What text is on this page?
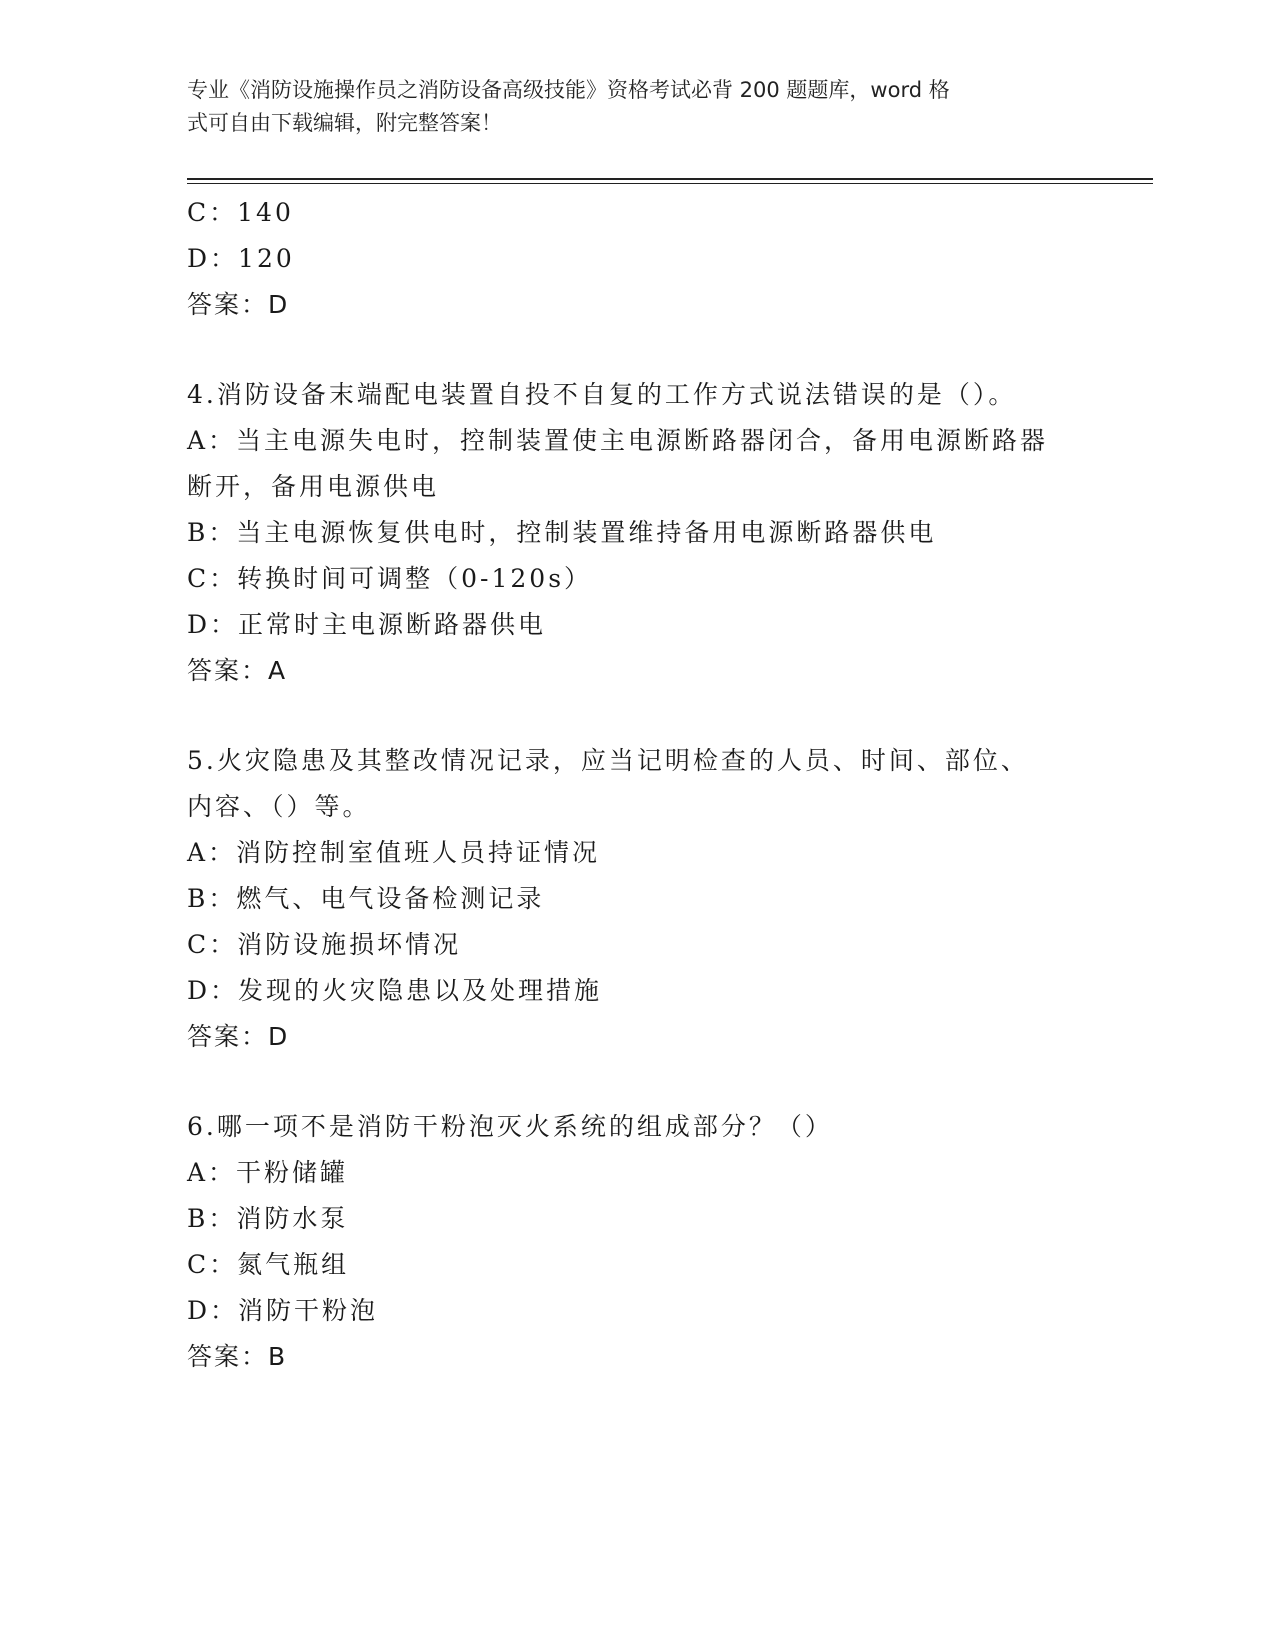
专业《消防设施操作员之消防设备高级技能》资格考试必背 200 题题库，word 格
式可自由下载编辑，附完整答案！
C：140
D：120
答案：D
4.消防设备末端配电装置自投不自复的工作方式说法错误的是（）。
A：当主电源失电时，控制装置使主电源断路器闭合，备用电源断路器
断开，备用电源供电
B：当主电源恢复供电时，控制装置维持备用电源断路器供电
C：转换时间可调整（0-120s）
D：正常时主电源断路器供电
答案：A
5.火灾隐患及其整改情况记录，应当记明检查的人员、时间、部位、
内容、（）等。
A：消防控制室值班人员持证情况
B：燃气、电气设备检测记录
C：消防设施损坏情况
D：发现的火灾隐患以及处理措施
答案：D
6.哪一项不是消防干粉泡灭火系统的组成部分？（）
A：干粉储罐
B：消防水泵
C：氮气瓶组
D：消防干粉泡
答案：B
